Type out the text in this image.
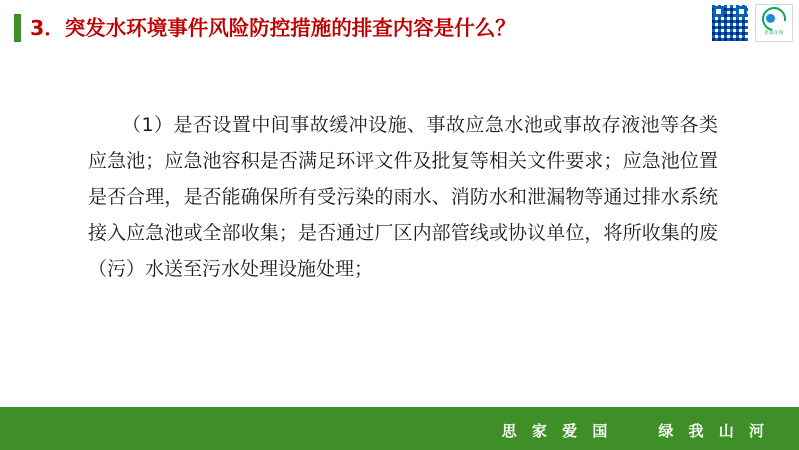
3．突发水环境事件风险防控措施的排查内容是什么？	思锐环保

（1）是否设置中间事故缓冲设施、事故应急水池或事故存液池等各类应急池；应急池容积是否满足环评文件及批复等相关文件要求；应急池位置是否合理，是否能确保所有受污染的雨水、消防水和泄漏物等通过排水系统接入应急池或全部收集；是否通过厂区内部管线或协议单位，将所收集的废（污）水送至污水处理设施处理；

思 家 爱 国	绿 我 山 河
